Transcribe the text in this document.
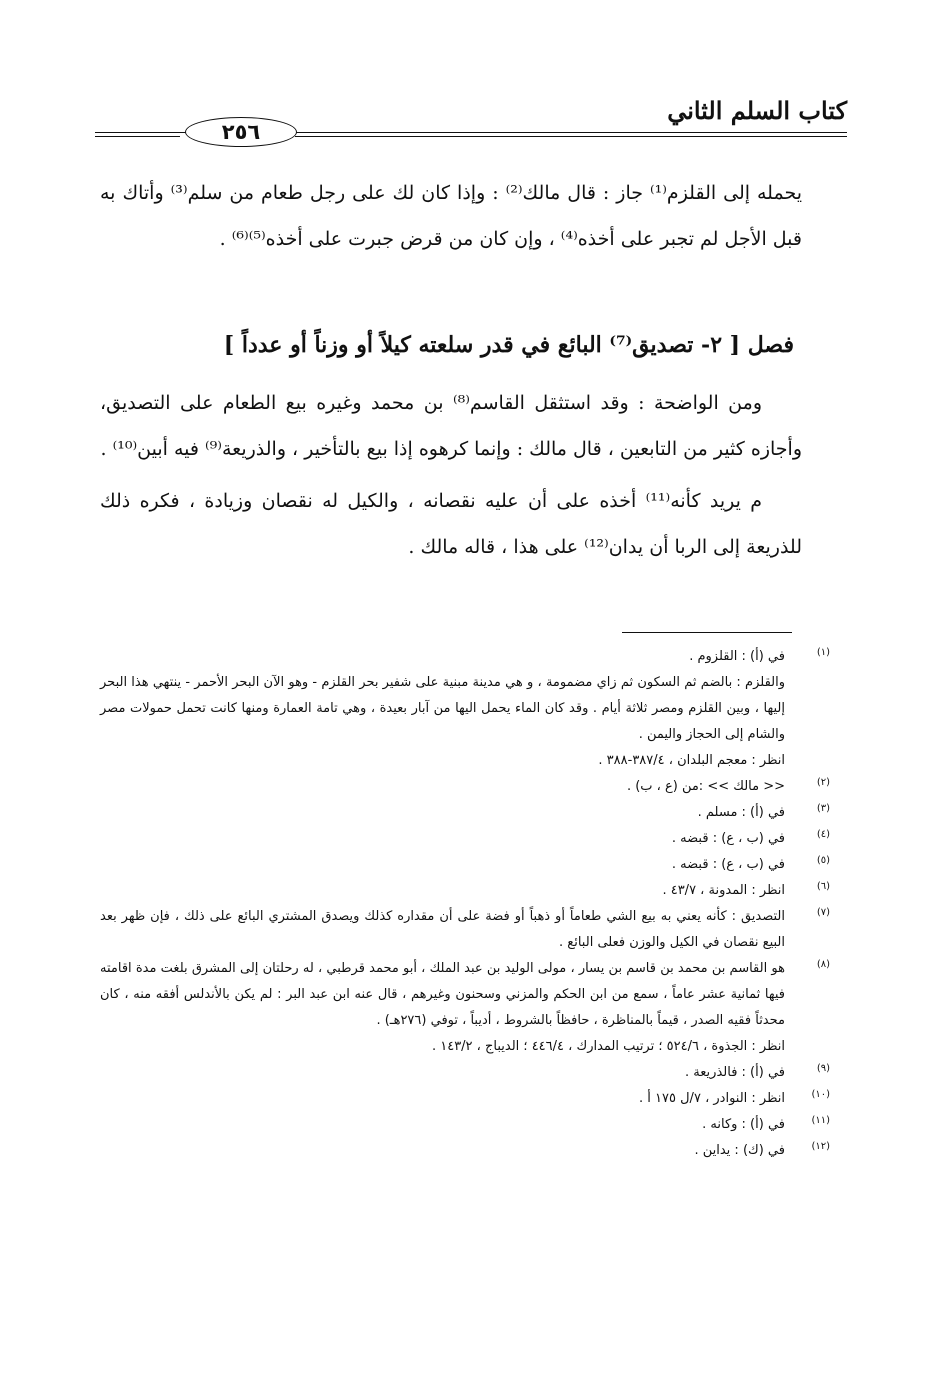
كتاب السلم الثاني
٢٥٦

يحمله إلى القلزم⁽¹⁾ جاز : قال مالك⁽²⁾ : وإذا كان لك على رجل طعام من سلم⁽³⁾ وأتاك به قبل الأجل لم تجبر على أخذه⁽⁴⁾ ، وإن كان من قرض جبرت على أخذه⁽⁵⁾⁽⁶⁾ .

فصل [ ٢- تصديق⁽⁷⁾ البائع في قدر سلعته كيلاً أو وزناً أو عدداً ]

ومن الواضحة : وقد استثقل القاسم⁽⁸⁾ بن محمد وغيره بيع الطعام على التصديق، وأجازه كثير من التابعين ، قال مالك : وإنما كرهوه إذا بيع بالتأخير ، والذريعة⁽⁹⁾ فيه أبين⁽¹⁰⁾ .

م يريد كأنه⁽¹¹⁾ أخذه على أن عليه نقصانه ، والكيل له نقصان وزيادة ، فكره ذلك للذريعة إلى الربا أن يدان⁽¹²⁾ على هذا ، قاله مالك .

(١)
في (أ) : القلزوم .
والقلزم : بالضم ثم السكون ثم زاي مضمومة ، و هي مدينة مبنية على شفير بحر القلزم - وهو الآن البحر الأحمر - ينتهي هذا البحر إليها ، وبين القلزم ومصر ثلاثة أيام . وقد كان الماء يحمل اليها من آبار بعيدة ، وهي تامة العمارة ومنها كانت تحمل حمولات مصر والشام إلى الحجاز واليمن .
انظر : معجم البلدان ، ٣٨٧/٤-٣٨٨ .
(٢)
<< مالك >> :من (ع ، ب) .
(٣)
في (أ) : مسلم .
(٤)
في (ب ، ع) : قبضه .
(٥)
في (ب ، ع) : قبضه .
(٦)
انظر : المدونة ، ٤٣/٧ .
(٧)
التصديق : كأنه يعني به بيع الشي طعاماً أو ذهباً أو فضة على أن مقداره كذلك ويصدق المشتري البائع على ذلك ، فإن ظهر بعد البيع نقصان في الكيل والوزن فعلى البائع .
(٨)
هو القاسم بن محمد بن قاسم بن يسار ، مولى الوليد بن عبد الملك ، أبو محمد قرطبي ، له رحلتان إلى المشرق بلغت مدة اقامته فيها ثمانية عشر عاماً ، سمع من ابن الحكم والمزني وسحنون وغيرهم ، قال عنه ابن عبد البر : لم يكن بالأندلس أفقه منه ، كان محدثاً فقيه الصدر ، قيماً بالمناظرة ، حافظاً بالشروط ، أديباً ، توفي (٢٧٦هـ) .
انظر : الجذوة ، ٥٢٤/٦ ؛ ترتيب المدارك ، ٤٤٦/٤ ؛ الديباج ، ١٤٣/٢ .
(٩)
في (أ) : فالذريعة .
(١٠)
انظر : النوادر ، ٧/ل ١٧٥ أ .
(١١)
في (أ) : وكانه .
(١٢)
في (ك) : يداين .
